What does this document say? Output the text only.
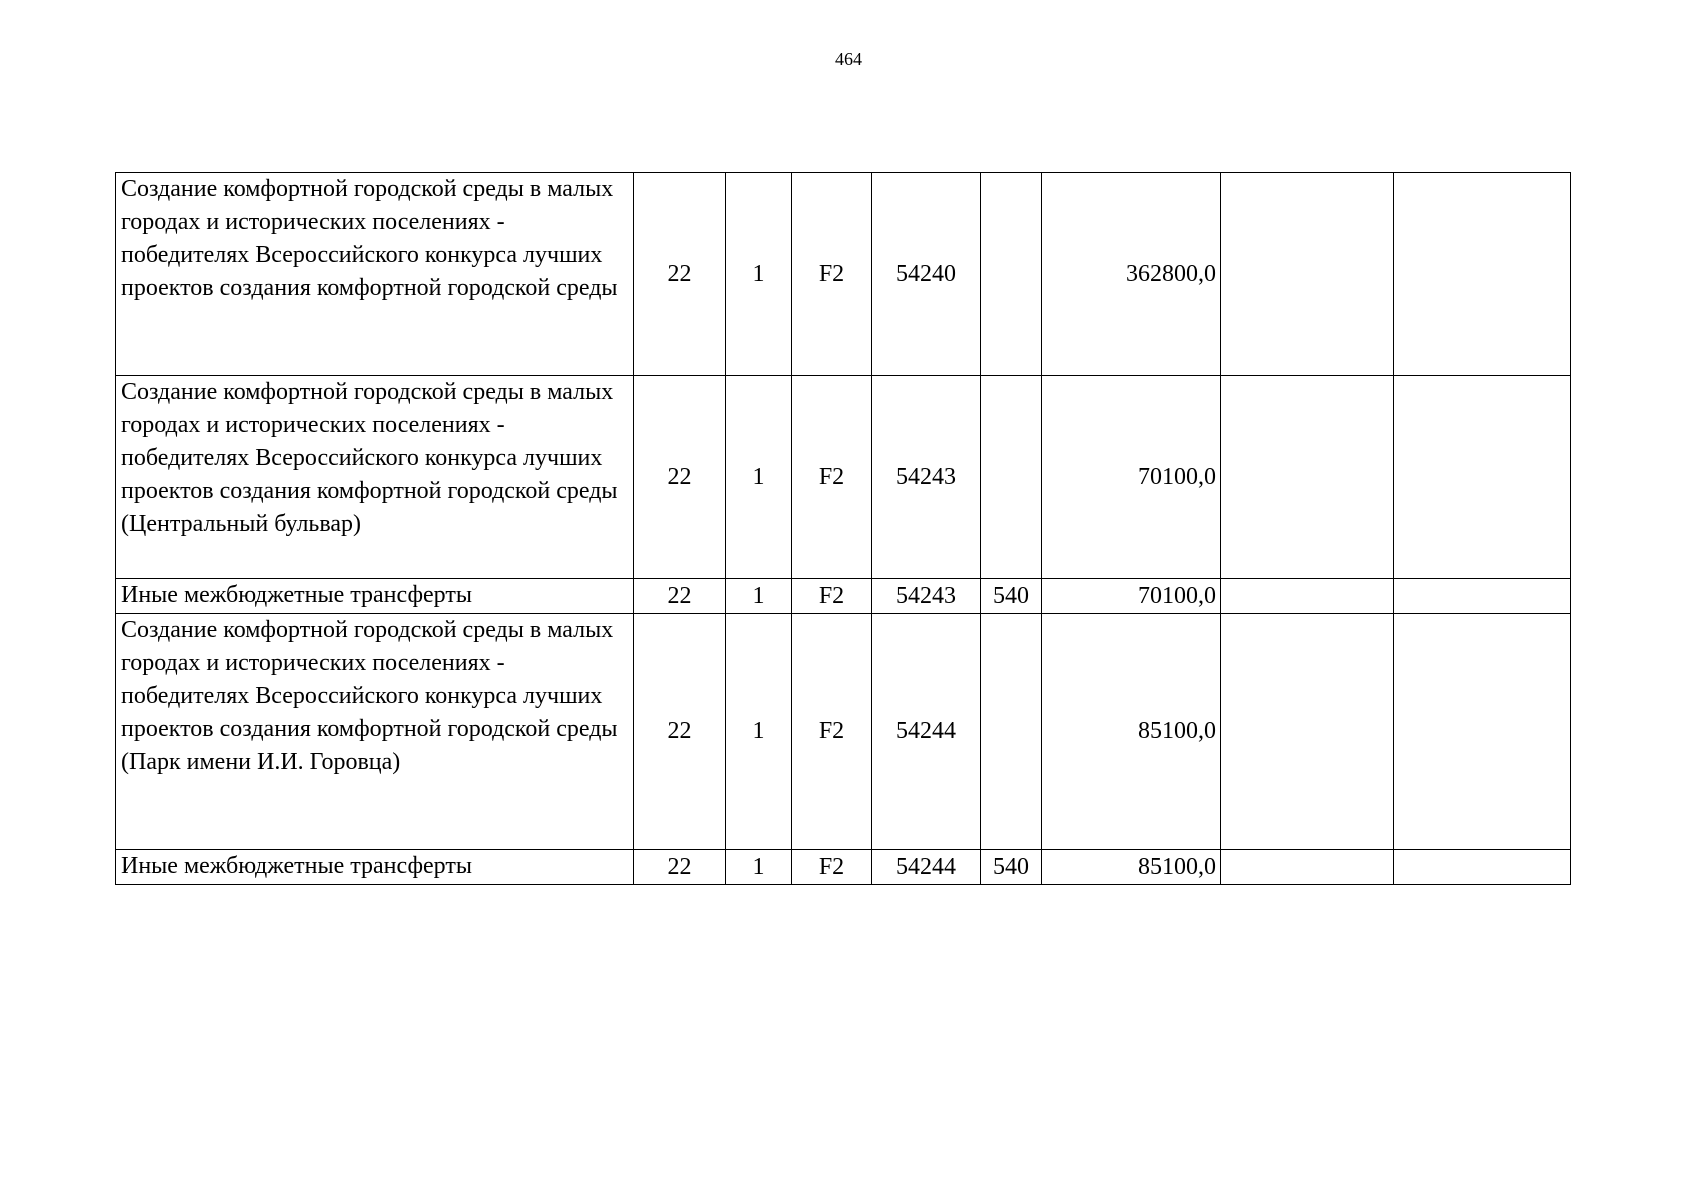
464
Создание комфортной городской среды в малых городах и исторических поселениях - победителях Всероссийского конкурса лучших проектов создания комфортной городской среды	22	1	F2	54240		362800,0		
Создание комфортной городской среды в малых городах и исторических поселениях - победителях Всероссийского конкурса лучших проектов создания комфортной городской среды (Центральный бульвар)	22	1	F2	54243		70100,0		
Иные межбюджетные трансферты	22	1	F2	54243	540	70100,0		
Создание комфортной городской среды в малых городах и исторических поселениях - победителях Всероссийского конкурса лучших проектов создания комфортной городской среды (Парк имени И.И. Горовца)	22	1	F2	54244		85100,0		
Иные межбюджетные трансферты	22	1	F2	54244	540	85100,0		
